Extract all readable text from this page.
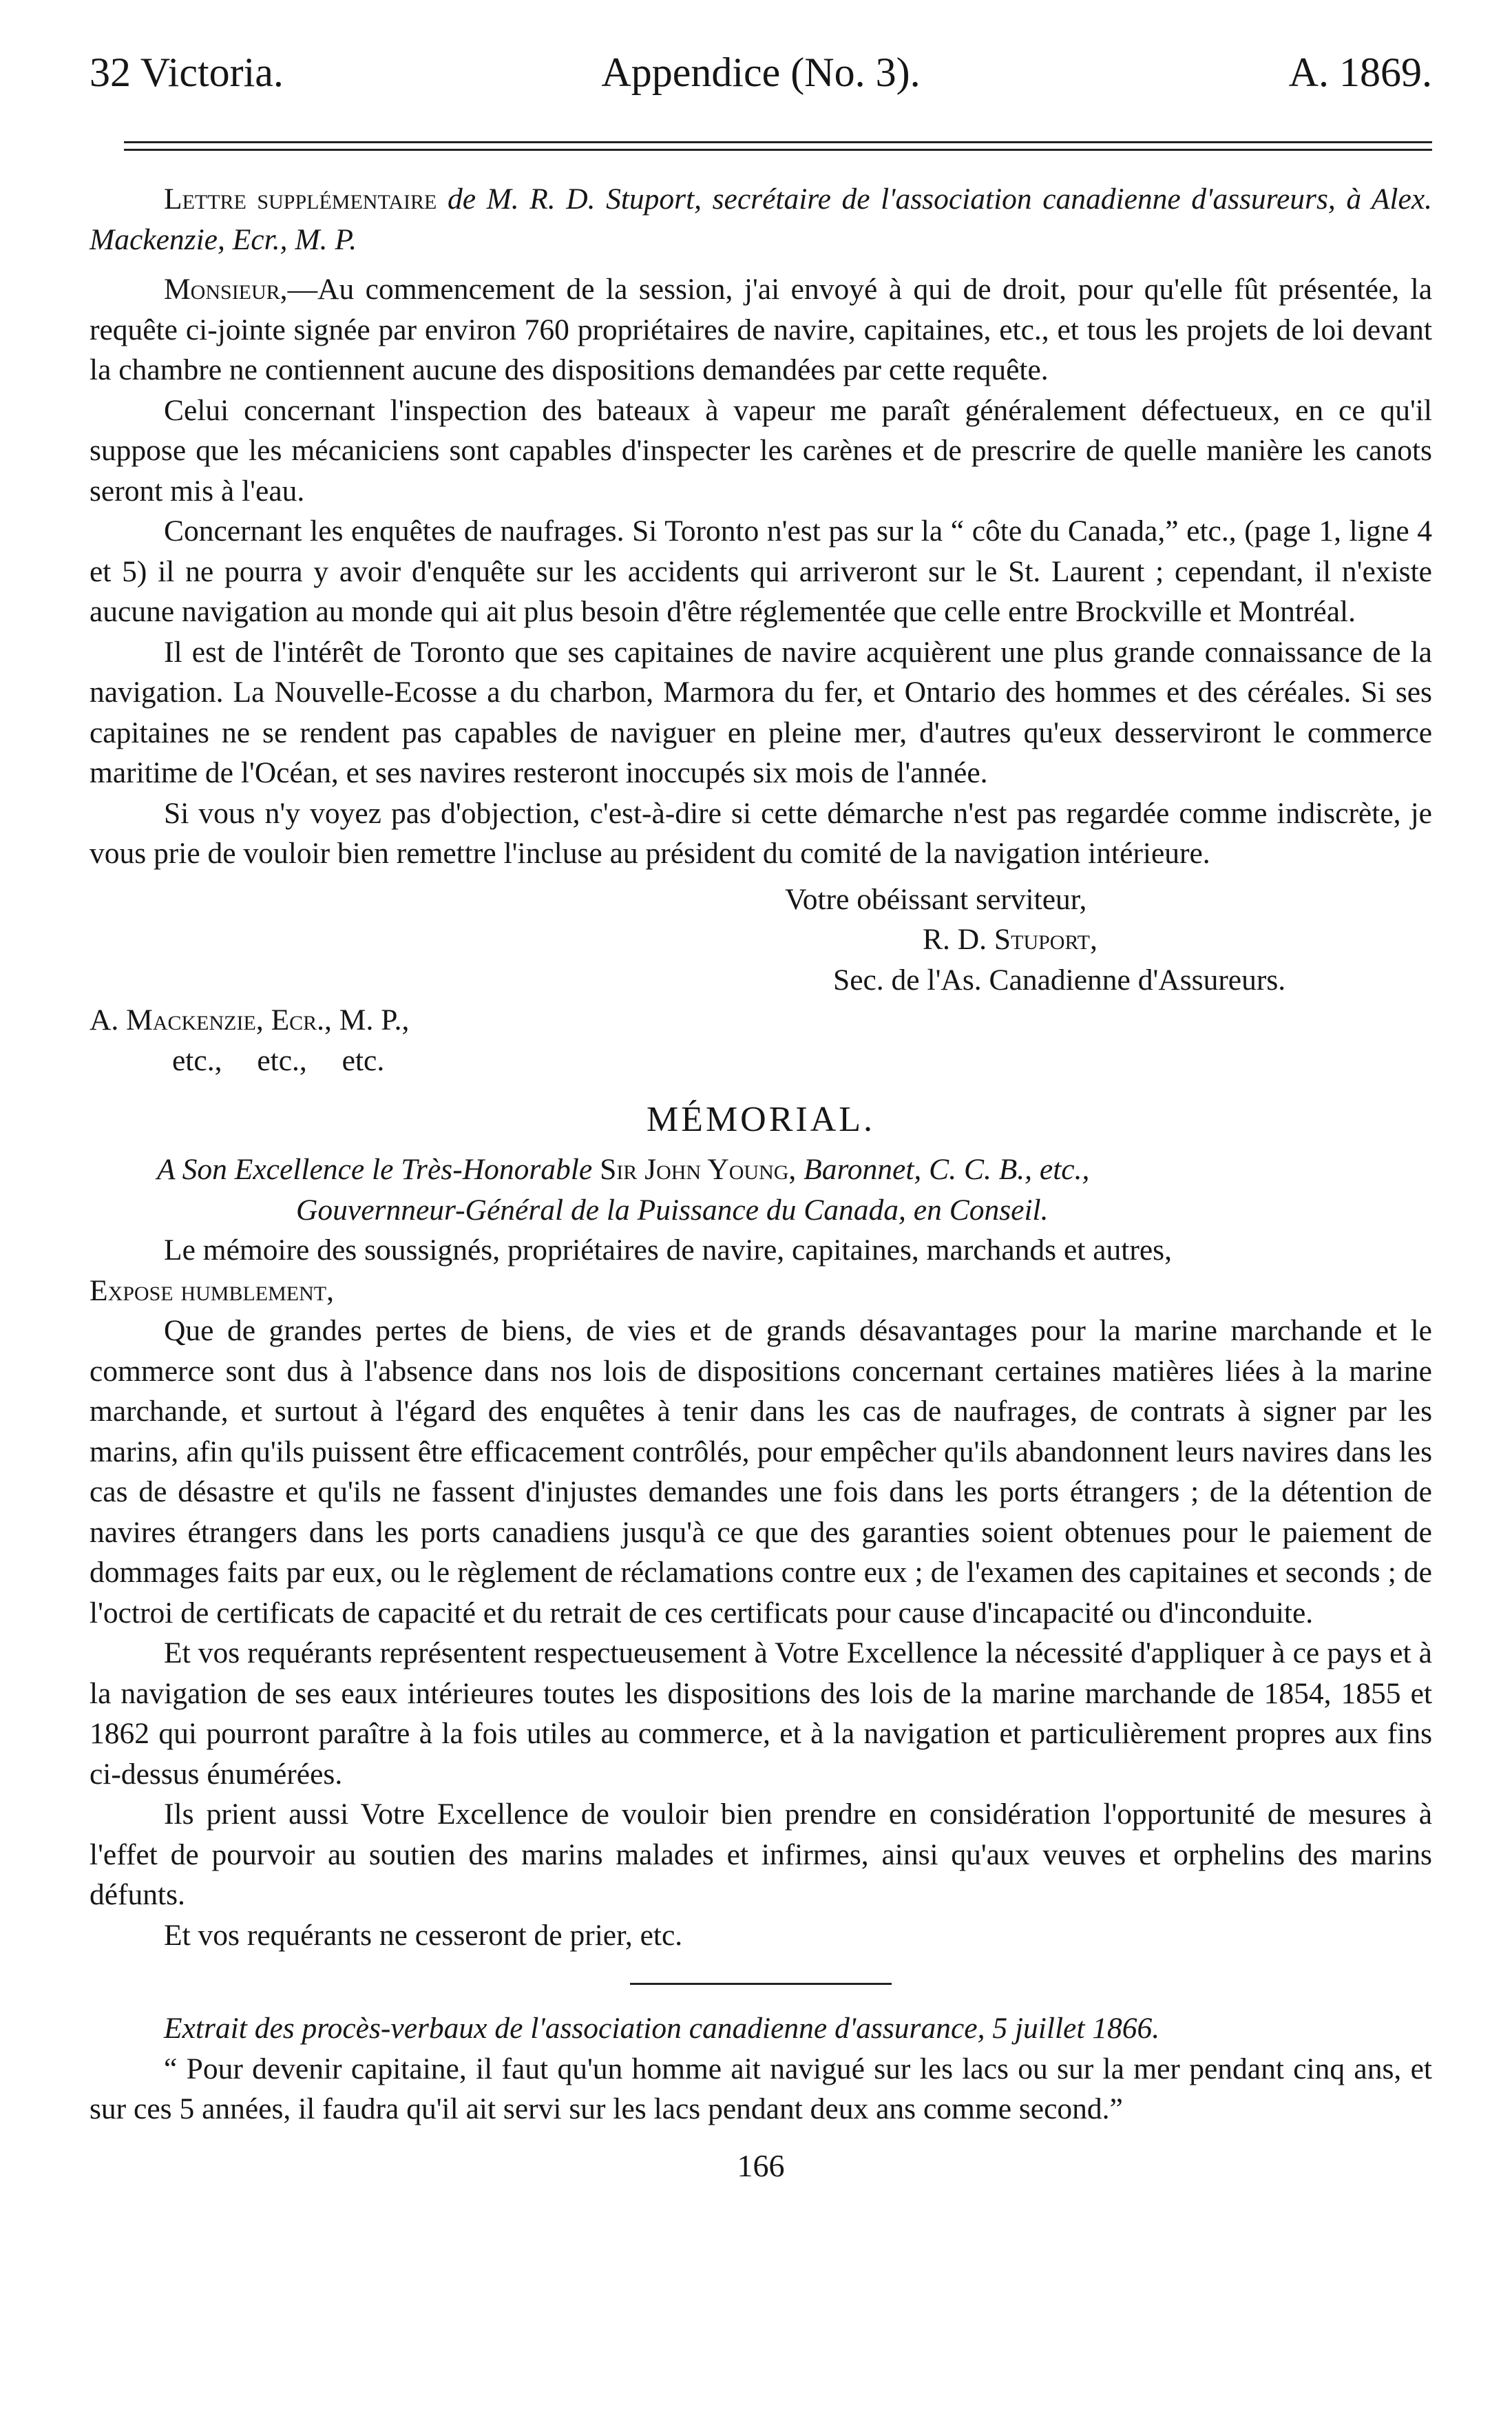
32 Victoria.	Appendice (No. 3).	A. 1869.

Lettre supplémentaire de M. R. D. Stuport, secrétaire de l'association canadienne d'assureurs, à Alex. Mackenzie, Ecr., M. P.

Monsieur,—Au commencement de la session, j'ai envoyé à qui de droit, pour qu'elle fût présentée, la requête ci-jointe signée par environ 760 propriétaires de navire, capitaines, etc., et tous les projets de loi devant la chambre ne contiennent aucune des dispositions demandées par cette requête.

Celui concernant l'inspection des bateaux à vapeur me paraît généralement défectueux, en ce qu'il suppose que les mécaniciens sont capables d'inspecter les carènes et de prescrire de quelle manière les canots seront mis à l'eau.

Concernant les enquêtes de naufrages. Si Toronto n'est pas sur la “ côte du Canada,” etc., (page 1, ligne 4 et 5) il ne pourra y avoir d'enquête sur les accidents qui arriveront sur le St. Laurent ; cependant, il n'existe aucune navigation au monde qui ait plus besoin d'être réglementée que celle entre Brockville et Montréal.

Il est de l'intérêt de Toronto que ses capitaines de navire acquièrent une plus grande connaissance de la navigation. La Nouvelle-Ecosse a du charbon, Marmora du fer, et Ontario des hommes et des céréales. Si ses capitaines ne se rendent pas capables de naviguer en pleine mer, d'autres qu'eux desserviront le commerce maritime de l'Océan, et ses navires resteront inoccupés six mois de l'année.

Si vous n'y voyez pas d'objection, c'est-à-dire si cette démarche n'est pas regardée comme indiscrète, je vous prie de vouloir bien remettre l'incluse au président du comité de la navigation intérieure.

Votre obéissant serviteur,

R. D. Stuport,

Sec. de l'As. Canadienne d'Assureurs.

A. Mackenzie, Ecr., M. P.,

etc., etc., etc.

MÉMORIAL.

A Son Excellence le Très-Honorable Sir John Young, Baronnet, C. C. B., etc.,

Gouvernneur-Général de la Puissance du Canada, en Conseil.

Le mémoire des soussignés, propriétaires de navire, capitaines, marchands et autres,

Expose humblement,

Que de grandes pertes de biens, de vies et de grands désavantages pour la marine marchande et le commerce sont dus à l'absence dans nos lois de dispositions concernant certaines matières liées à la marine marchande, et surtout à l'égard des enquêtes à tenir dans les cas de naufrages, de contrats à signer par les marins, afin qu'ils puissent être efficacement contrôlés, pour empêcher qu'ils abandonnent leurs navires dans les cas de désastre et qu'ils ne fassent d'injustes demandes une fois dans les ports étrangers ; de la détention de navires étrangers dans les ports canadiens jusqu'à ce que des garanties soient obtenues pour le paiement de dommages faits par eux, ou le règlement de réclamations contre eux ; de l'examen des capitaines et seconds ; de l'octroi de certificats de capacité et du retrait de ces certificats pour cause d'incapacité ou d'inconduite.

Et vos requérants représentent respectueusement à Votre Excellence la nécessité d'appliquer à ce pays et à la navigation de ses eaux intérieures toutes les dispositions des lois de la marine marchande de 1854, 1855 et 1862 qui pourront paraître à la fois utiles au commerce, et à la navigation et particulièrement propres aux fins ci-dessus énumérées.

Ils prient aussi Votre Excellence de vouloir bien prendre en considération l'opportunité de mesures à l'effet de pourvoir au soutien des marins malades et infirmes, ainsi qu'aux veuves et orphelins des marins défunts.

Et vos requérants ne cesseront de prier, etc.

Extrait des procès-verbaux de l'association canadienne d'assurance, 5 juillet 1866.

“ Pour devenir capitaine, il faut qu'un homme ait navigué sur les lacs ou sur la mer pendant cinq ans, et sur ces 5 années, il faudra qu'il ait servi sur les lacs pendant deux ans comme second.”

166
